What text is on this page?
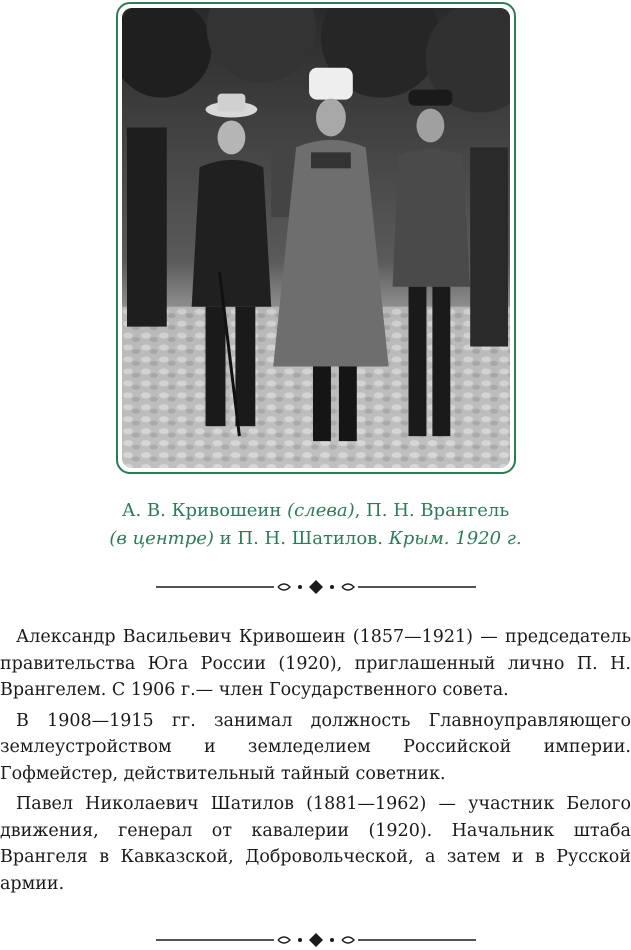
А. В. Кривошеин (слева), П. Н. Врангель
(в центре) и П. Н. Шатилов. Крым. 1920 г.

Александр Васильевич Кривошеин (1857—1921) — председатель правительства Юга России (1920), приглашенный лично П. Н. Врангелем. С 1906 г.— член Государственного совета.

В 1908—1915 гг. занимал должность Главноуправляющего землеустройством и земледелием Российской империи. Гофмейстер, действительный тайный советник.

Павел Николаевич Шатилов (1881—1962) — участник Белого движения, генерал от кавалерии (1920). Начальник штаба Врангеля в Кавказской, Добровольческой, а затем и в Русской армии.
